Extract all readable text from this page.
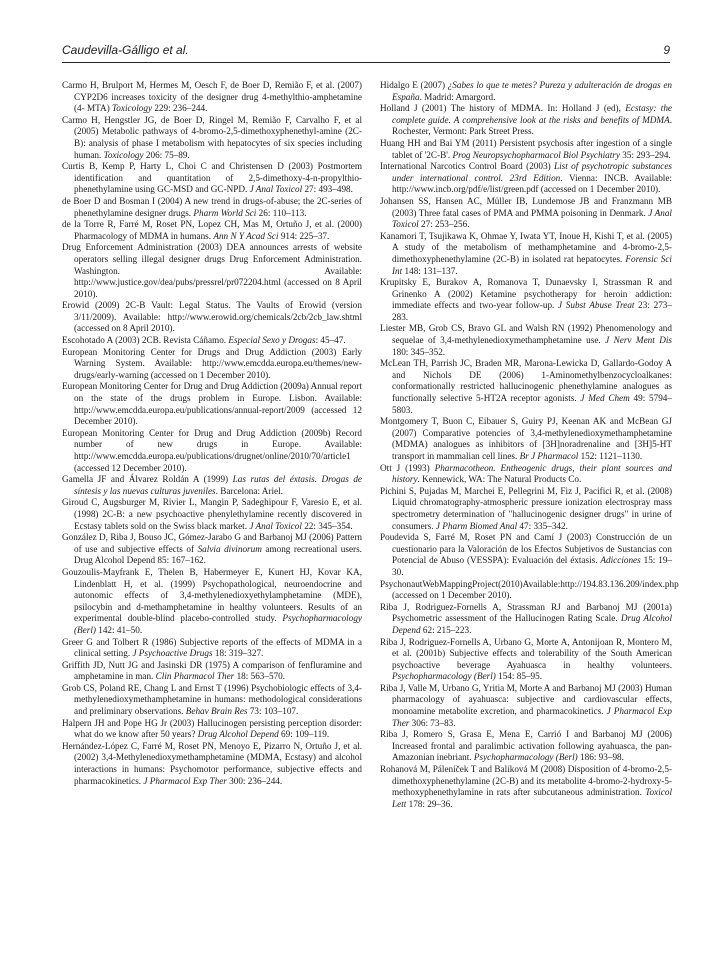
Caudevilla-Gálligo et al.	9

Carmo H, Brulport M, Hermes M, Oesch F, de Boer D, Remião F, et al. (2007) CYP2D6 increases toxicity of the designer drug 4-methylthio-amphetamine (4- MTA) Toxicology 229: 236–244.

Carmo H, Hengstler JG, de Boer D, Ringel M, Remião F, Carvalho F, et al (2005) Metabolic pathways of 4-bromo-2,5-dimethoxyphenethyl-amine (2C-B): analysis of phase I metabolism with hepatocytes of six species including human. Toxicology 206: 75–89.

Curtis B, Kemp P, Harty L, Choi C and Christensen D (2003) Postmortem identification and quantitation of 2,5-dimethoxy-4-n-propylthio-phenethylamine using GC-MSD and GC-NPD. J Anal Toxicol 27: 493–498.

de Boer D and Bosman I (2004) A new trend in drugs-of-abuse; the 2C-series of phenethylamine designer drugs. Pharm World Sci 26: 110–113.

de la Torre R, Farré M, Roset PN, Lopez CH, Mas M, Ortuño J, et al. (2000) Pharmacology of MDMA in humans. Ann N Y Acad Sci 914: 225–37.

Drug Enforcement Administration (2003) DEA announces arrests of website operators selling illegal designer drugs Drug Enforcement Administration. Washington. Available: http://www.justice.gov/dea/pubs/pressrel/pr072204.html (accessed on 8 April 2010).

Erowid (2009) 2C-B Vault: Legal Status. The Vaults of Erowid (version 3/11/2009). Available: http://www.erowid.org/chemicals/2cb/2cb_law.shtml (accessed on 8 April 2010).

Escohotado A (2003) 2CB. Revista Cáñamo. Especial Sexo y Drogas: 45–47.

European Monitoring Center for Drugs and Drug Addiction (2003) Early Warning System. Available: http://www.emcdda.europa.eu/themes/new-drugs/early-warning (accessed on 1 December 2010).

European Monitoring Center for Drug and Drug Addiction (2009a) Annual report on the state of the drugs problem in Europe. Lisbon. Available: http://www.emcdda.europa.eu/publications/annual-report/2009 (accessed 12 December 2010).

European Monitoring Center for Drug and Drug Addiction (2009b) Record number of new drugs in Europe. Available: http://www.emcdda.europa.eu/publications/drugnet/online/2010/70/article1 (accessed 12 December 2010).

Gamella JF and Álvarez Roldán A (1999) Las rutas del éxtasis. Drogas de síntesis y las nuevas culturas juveniles. Barcelona: Ariel.

Giroud C, Augsburger M, Rivier L, Mangin P, Sadeghipour F, Varesio E, et al. (1998) 2C-B: a new psychoactive phenylethylamine recently discovered in Ecstasy tablets sold on the Swiss black market. J Anal Toxicol 22: 345–354.

González D, Riba J, Bouso JC, Gómez-Jarabo G and Barbanoj MJ (2006) Pattern of use and subjective effects of Salvia divinorum among recreational users. Drug Alcohol Depend 85: 167–162.

Gouzoulis-Mayfrank E, Thelen B, Habermeyer E, Kunert HJ, Kovar KA, Lindenblatt H, et al. (1999) Psychopathological, neuroendocrine and autonomic effects of 3,4-methylenedioxyethylamphetamine (MDE), psilocybin and d-methamphetamine in healthy volunteers. Results of an experimental double-blind placebo-controlled study. Psychopharmacology (Berl) 142: 41–50.

Greer G and Tolbert R (1986) Subjective reports of the effects of MDMA in a clinical setting. J Psychoactive Drugs 18: 319–327.

Griffith JD, Nutt JG and Jasinski DR (1975) A comparison of fenfluramine and amphetamine in man. Clin Pharmacol Ther 18: 563–570.

Grob CS, Poland RE, Chang L and Ernst T (1996) Psychobiologic effects of 3,4-methylenedioxymethamphetamine in humans: methodological considerations and preliminary observations. Behav Brain Res 73: 103–107.

Halpern JH and Pope HG Jr (2003) Hallucinogen persisting perception disorder: what do we know after 50 years? Drug Alcohol Depend 69: 109–119.

Hernández-López C, Farré M, Roset PN, Menoyo E, Pizarro N, Ortuño J, et al. (2002) 3,4-Methylenedioxymethamphetamine (MDMA, Ecstasy) and alcohol interactions in humans: Psychomotor performance, subjective effects and pharmacokinetics. J Pharmacol Exp Ther 300: 236–244.

Hidalgo E (2007) ¿Sabes lo que te metes? Pureza y adulteración de drogas en España. Madrid: Amargord.

Holland J (2001) The history of MDMA. In: Holland J (ed), Ecstasy: the complete guide. A comprehensive look at the risks and benefits of MDMA. Rochester, Vermont: Park Street Press.

Huang HH and Bai YM (2011) Persistent psychosis after ingestion of a single tablet of '2C-B'. Prog Neuropsychopharmacol Biol Psychiatry 35: 293–294.

International Narcotics Control Board (2003) List of psychotropic substances under international control. 23rd Edition. Vienna: INCB. Available: http://www.incb.org/pdf/e/list/green.pdf (accessed on 1 December 2010).

Johansen SS, Hansen AC, Müller IB, Lundemose JB and Franzmann MB (2003) Three fatal cases of PMA and PMMA poisoning in Denmark. J Anal Toxicol 27: 253–256.

Kanamori T, Tsujikawa K, Ohmae Y, Iwata YT, Inoue H, Kishi T, et al. (2005) A study of the metabolism of methamphetamine and 4-bromo-2,5-dimethoxyphenethylamine (2C-B) in isolated rat hepatocytes. Forensic Sci Int 148: 131–137.

Krupitsky E, Burakov A, Romanova T, Dunaevsky I, Strassman R and Grinenko A (2002) Ketamine psychotherapy for heroin addiction: immediate effects and two-year follow-up. J Subst Abuse Treat 23: 273–283.

Liester MB, Grob CS, Bravo GL and Walsh RN (1992) Phenomenology and sequelae of 3,4-methylenedioxymethamphetamine use. J Nerv Ment Dis 180: 345–352.

McLean TH, Parrish JC, Braden MR, Marona-Lewicka D, Gallardo-Godoy A and Nichols DE (2006) 1-Aminomethylbenzocycloalkanes: conformationally restricted hallucinogenic phenethylamine analogues as functionally selective 5-HT2A receptor agonists. J Med Chem 49: 5794–5803.

Montgomery T, Buon C, Eibauer S, Guiry PJ, Keenan AK and McBean GJ (2007) Comparative potencies of 3,4-methylenedioxymethamphetamine (MDMA) analogues as inhibitors of [3H]noradrenaline and [3H]5-HT transport in mammalian cell lines. Br J Pharmacol 152: 1121–1130.

Ott J (1993) Pharmacotheon. Entheogenic drugs, their plant sources and history. Kennewick, WA: The Natural Products Co.

Pichini S, Pujadas M, Marchei E, Pellegrini M, Fiz J, Pacifici R, et al. (2008) Liquid chromatography-atmospheric pressure ionization electrospray mass spectrometry determination of "hallucinogenic designer drugs" in urine of consumers. J Pharm Biomed Anal 47: 335–342.

Poudevida S, Farré M, Roset PN and Camí J (2003) Construcción de un cuestionario para la Valoración de los Efectos Subjetivos de Sustancias con Potencial de Abuso (VESSPA): Evaluación del éxtasis. Adicciones 15: 19–30.

PsychonautWebMappingProject(2010)Available:http://194.83.136.209/index.php (accessed on 1 December 2010).

Riba J, Rodriguez-Fornells A, Strassman RJ and Barbanoj MJ (2001a) Psychometric assessment of the Hallucinogen Rating Scale. Drug Alcohol Depend 62: 215–223.

Riba J, Rodriguez-Fornells A, Urbano G, Morte A, Antonijoan R, Montero M, et al. (2001b) Subjective effects and tolerability of the South American psychoactive beverage Ayahuasca in healthy volunteers. Psychopharmacology (Berl) 154: 85–95.

Riba J, Valle M, Urbano G, Yritia M, Morte A and Barbanoj MJ (2003) Human pharmacology of ayahuasca: subjective and cardiovascular effects, monoamine metabolite excretion, and pharmacokinetics. J Pharmacol Exp Ther 306: 73–83.

Riba J, Romero S, Grasa E, Mena E, Carrió I and Barbanoj MJ (2006) Increased frontal and paralimbic activation following ayahuasca, the pan-Amazonian inebriant. Psychopharmacology (Berl) 186: 93–98.

Rohanová M, Páleníček T and Balíková M (2008) Disposition of 4-bromo-2,5- dimethoxyphenethylamine (2C-B) and its metabolite 4-bromo-2-hydroxy-5- methoxyphenethylamine in rats after subcutaneous administration. Toxicol Lett 178: 29–36.
